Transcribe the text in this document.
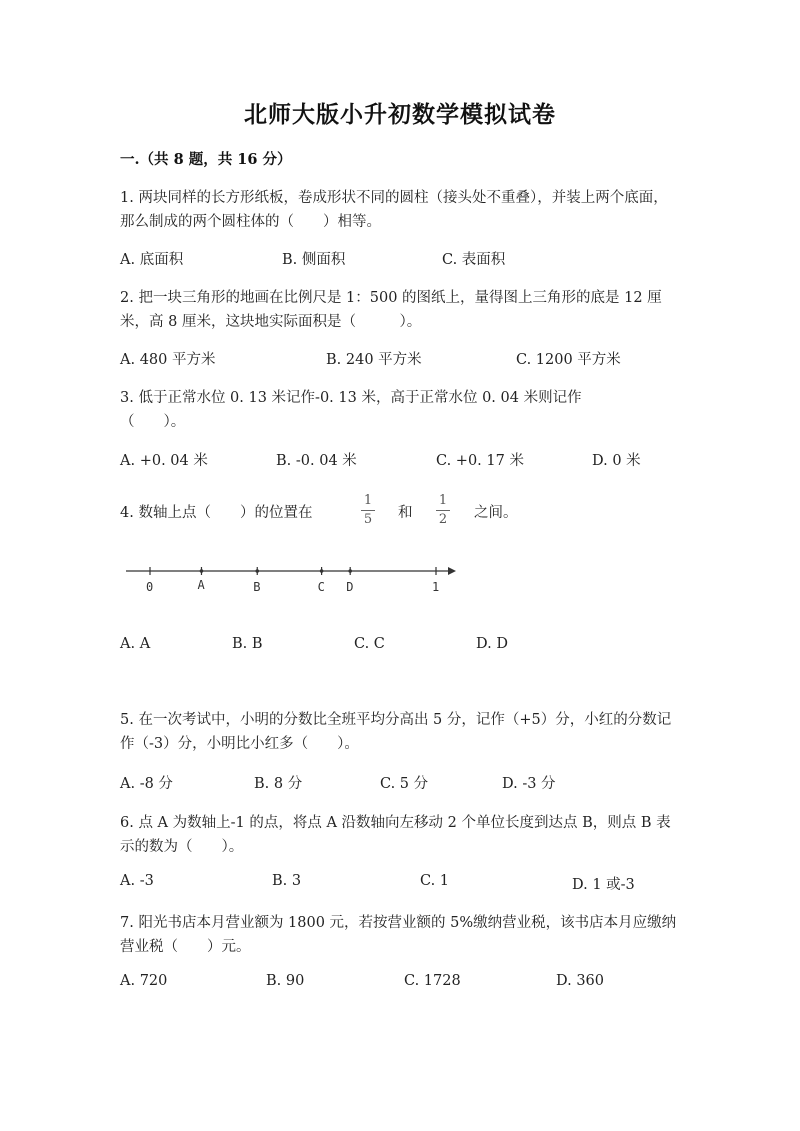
北师大版小升初数学模拟试卷
一.（共 8 题，共 16 分）
1. 两块同样的长方形纸板，卷成形状不同的圆柱（接头处不重叠），并装上两个底面，那么制成的两个圆柱体的（　　）相等。
A. 底面积	B. 侧面积	C. 表面积
2. 把一块三角形的地画在比例尺是 1：500 的图纸上，量得图上三角形的底是 12 厘米，高 8 厘米，这块地实际面积是（　　　）。
A. 480 平方米	B. 240 平方米	C. 1200 平方米
3. 低于正常水位 0. 13 米记作-0. 13 米，高于正常水位 0. 04 米则记作（　　）。
A. +0. 04 米	B. -0. 04 米	C. +0. 17 米	D. 0 米
4. 数轴上点（　　）的位置在
1
5 和
1
2 之间。
0	A	B	C D	1
A. A	B. B	C. C	D. D
5. 在一次考试中，小明的分数比全班平均分高出 5 分，记作（+5）分，小红的分数记作（-3）分，小明比小红多（　　）。
A. -8 分	B. 8 分	C. 5 分	D. -3 分
6. 点 A 为数轴上-1 的点，将点 A 沿数轴向左移动 2 个单位长度到达点 B，则点 B 表示的数为（　　）。
A. -3	B. 3	C. 1	D. 1 或-3
7. 阳光书店本月营业额为 1800 元，若按营业额的 5%缴纳营业税，该书店本月应缴纳营业税（　　）元。
A. 720	B. 90	C. 1728	D. 360
